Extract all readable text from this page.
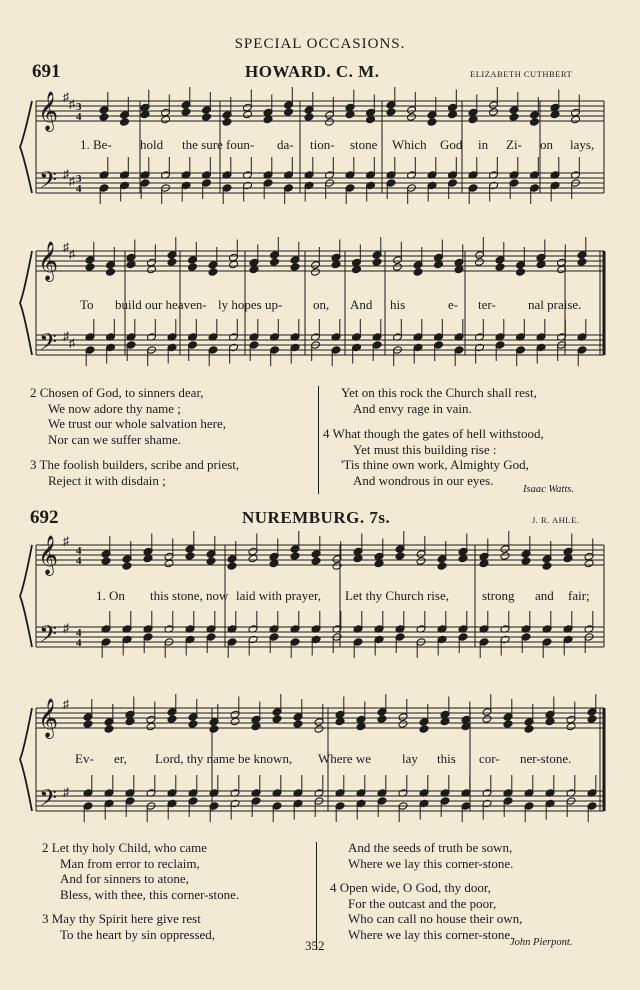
SPECIAL OCCASIONS.
691	HOWARD. C. M.	ELIZABETH CUTHBERT
1. Be- hold the sure foun- da- tion- stone Which God in Zi- on lays,
To build our heaven- ly hopes up- on, And his	e- ter- nal praise.
2 Chosen of God, to sinners dear,
We now adore thy name ;
We trust our whole salvation here,
Nor can we suffer shame.
3 The foolish builders, scribe and priest,
Reject it with disdain ;
Yet on this rock the Church shall rest,
And envy rage in vain.
4 What though the gates of hell withstood,
Yet must this building rise :
'Tis thine own work, Almighty God,
And wondrous in our eyes.
Isaac Watts.
692	NUREMBURG. 7s.	J. R. AHLE.
1. On this stone, now laid with prayer, Let thy Church rise,	strong and fair;
Ev- er, Lord, thy name be known, Where we lay this cor- ner-stone.
2 Let thy holy Child, who came
Man from error to reclaim,
And for sinners to atone,
Bless, with thee, this corner-stone.
3 May thy Spirit here give rest
To the heart by sin oppressed,
And the seeds of truth be sown,
Where we lay this corner-stone.
4 Open wide, O God, thy door,
For the outcast and the poor,
Who can call no house their own,
Where we lay this corner-stone.
John Pierpont.
352
𝄞
𝄢
♯
♯
♯
♯
3
4
3
4
𝄞
𝄢
♯
♯
♯
♯
𝄞
𝄢
♯
♯
4
4
4
4
𝄞
𝄢
♯
♯
